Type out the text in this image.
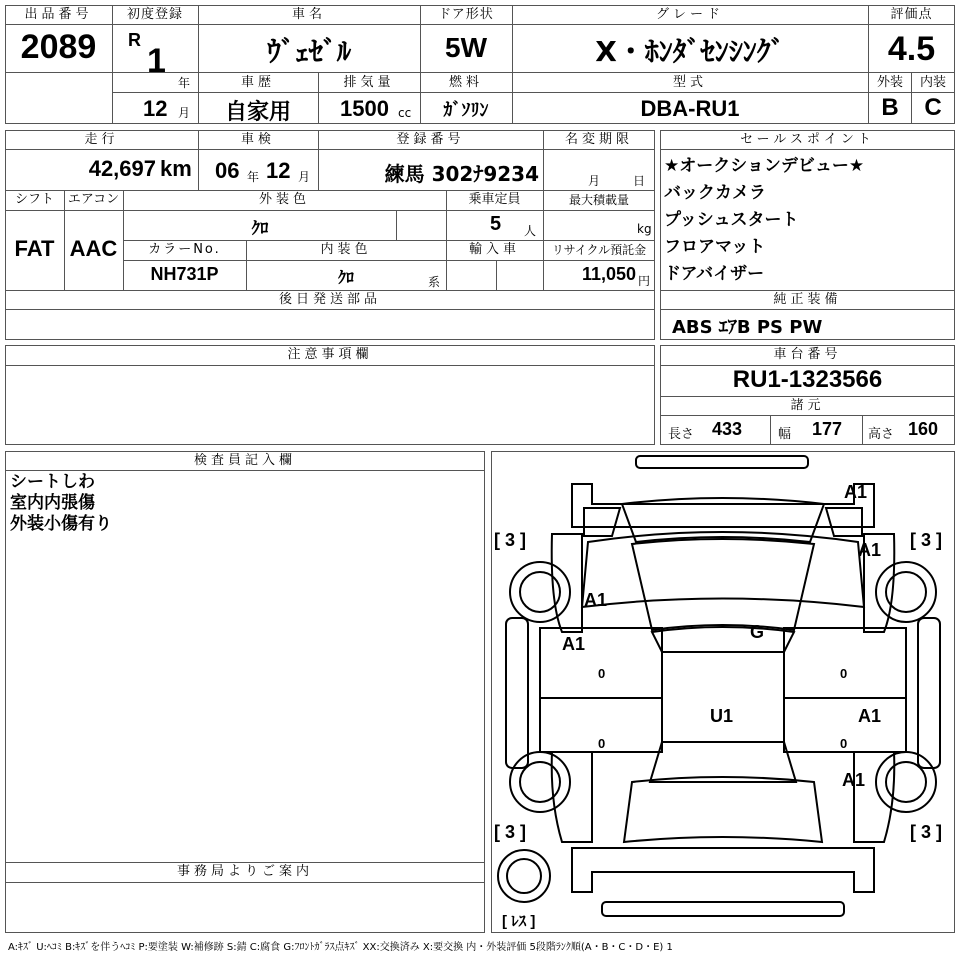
出品番号
2089
初度登録
R
1
年
12 月
車名
ｳﾞｪｾﾞﾙ
車歴
自家用
排気量
1500 cc
ドア形状
5W
燃料
ｶﾞｿﾘﾝ
グレード
X・ﾎﾝﾀﾞｾﾝｼﾝｸﾞ
型式
DBA-RU1
評価点
4.5
外装	内装
B	C
走行
42,697 km
車検
06 年 12 月
登録番号
練馬 302ﾅ9234
名変期限
月	日
シフト
FAT
エアコン
AAC
外装色
ｸﾛ
乗車定員
5 人
最大積載量
kg
カラーNo.
NH731P
内装色
ｸﾛ	系
輸入車	リサイクル預託金
11,050 円
後日発送部品
セールスポイント
★オークションデビュー★
バックカメラ
プッシュスタート
フロアマット
ドアバイザー
純正装備
ABS ｴｱB PS PW
注意事項欄	車台番号
RU1-1323566
諸元
長さ 433	幅 177 高さ 160
検査員記入欄
シートしわ
室内内張傷
外装小傷有り
事務局よりご案内
A1
A1
A1
A1
G
U1	A1
A1
[ 3 ]	[ 3 ]
[ 3 ]	[ 3 ]
[ ﾚｽ ]
0	0
0	0
A:ｷｽﾞ U:ﾍｺﾐ B:ｷｽﾞを伴うﾍｺﾐ P:要塗装 W:補修跡 S:錆 C:腐食 G:ﾌﾛﾝﾄｶﾞﾗｽ点ｷｽﾞ XX:交換済み X:要交換 内・外装評価 5段階ﾗﾝｸ順(A・B・C・D・E) 1
